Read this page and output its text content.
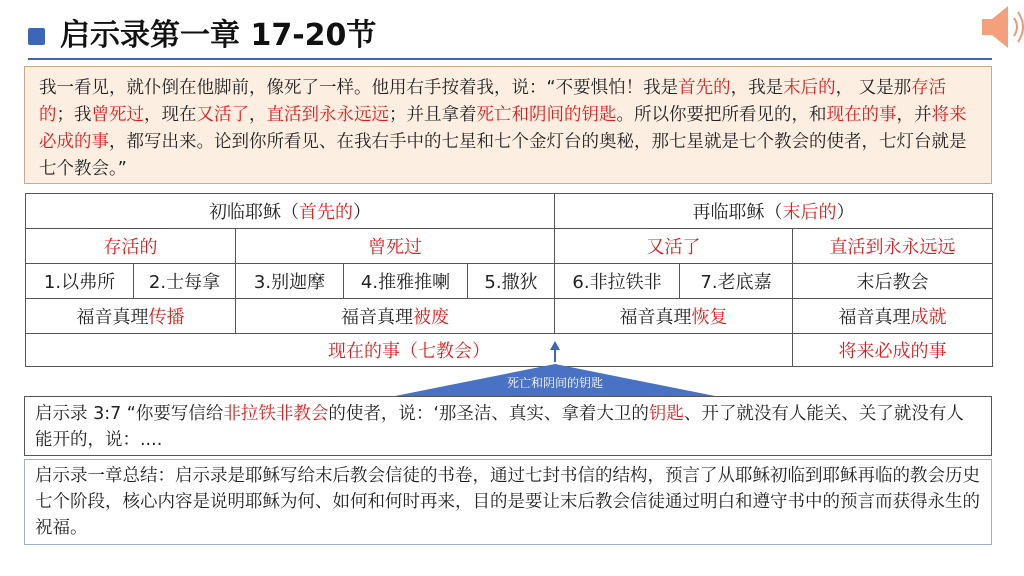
启示录第一章 17-20节
我一看见，就仆倒在他脚前，像死了一样。他用右手按着我，说：“不要惧怕！我是首先的，我是末后的， 又是那存活的；我曾死过，现在又活了，直活到永永远远；并且拿着死亡和阴间的钥匙。所以你要把所看见的，和现在的事，并将来必成的事，都写出来。论到你所看见、在我右手中的七星和七个金灯台的奥秘，那七星就是七个教会的使者，七灯台就是七个教会。”
初临耶稣（ 首先的 ）	再临耶稣（ 末后的 ）
存活的	曾死过	又活了	直活到永永远远
1.以弗所	2.士每拿	3.别迦摩	4.推雅推喇	5.撒狄	6.非拉铁非	7.老底嘉	末后教会
福音真理 传播	福音真理 被废	福音真理 恢复	福音真理 成就
现在的事（七教会）	将来必成的事
死亡和阴间的钥匙
启示录 3:7 “你要写信给非拉铁非教会的使者，说：‘那圣洁、真实、拿着大卫的钥匙、开了就没有人能关、关了就没有人能开的，说：....
启示录一章总结：启示录是耶稣写给末后教会信徒的书卷，通过七封书信的结构，预言了从耶稣初临到耶稣再临的教会历史七个阶段，核心内容是说明耶稣为何、如何和何时再来，目的是要让末后教会信徒通过明白和遵守书中的预言而获得永生的祝福。
